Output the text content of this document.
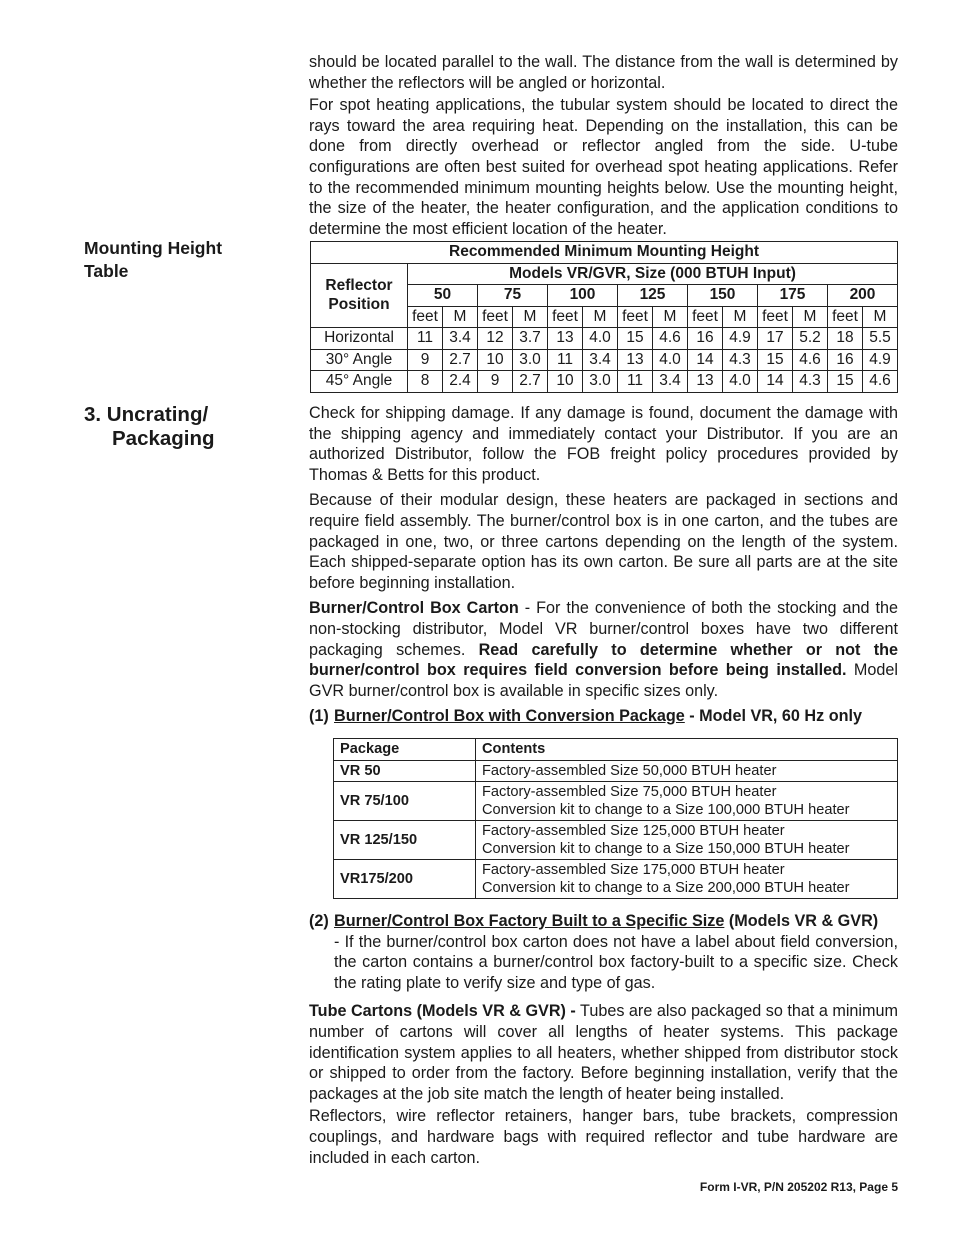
should be located parallel to the wall. The distance from the wall is determined by whether the reflectors will be angled or horizontal.

For spot heating applications, the tubular system should be located to direct the rays toward the area requiring heat. Depending on the installation, this can be done from directly overhead or reflector angled from the side. U-tube configurations are often best suited for overhead spot heating applications. Refer to the recommended minimum mounting heights below. Use the mounting height, the size of the heater, the heater configuration, and the application conditions to determine the most efficient location of the heater.

Mounting Height
Table
Recommended Minimum Mounting Height														

Reflector
Position	Models VR/GVR, Size (000 BTUH Input)													
	50		75		100		125		150		175		200	
	feet	M	feet	M	feet	M	feet	M	feet	M	feet	M	feet	M
Horizontal	11	3.4	12	3.7	13	4.0	15	4.6	16	4.9	17	5.2	18	5.5
30° Angle	9	2.7	10	3.0	11	3.4	13	4.0	14	4.3	15	4.6	16	4.9
45° Angle	8	2.4	9	2.7	10	3.0	11	3.4	13	4.0	14	4.3	15	4.6
3. Uncrating/
Packaging

Check for shipping damage. If any damage is found, document the damage with the shipping agency and immediately contact your Distributor. If you are an authorized Distributor, follow the FOB freight policy procedures provided by Thomas & Betts for this product.

Because of their modular design, these heaters are packaged in sections and require field assembly. The burner/control box is in one carton, and the tubes are packaged in one, two, or three cartons depending on the length of the system. Each shipped-separate option has its own carton. Be sure all parts are at the site before beginning installation.

Burner/Control Box Carton - For the convenience of both the stocking and the non-stocking distributor, Model VR burner/control boxes have two different packaging schemes. Read carefully to determine whether or not the burner/control box requires field conversion before being installed. Model GVR burner/control box is available in specific sizes only.

(1) Burner/Control Box with Conversion Package - Model VR, 60 Hz only
Package	Contents
VR 50	Factory-assembled Size 50,000 BTUH heater

VR 75/100	Factory-assembled Size 75,000 BTUH heater
Conversion kit to change to a Size 100,000 BTUH heater

VR 125/150	Factory-assembled Size 125,000 BTUH heater
Conversion kit to change to a Size 150,000 BTUH heater

VR175/200	Factory-assembled Size 175,000 BTUH heater
Conversion kit to change to a Size 200,000 BTUH heater
(2) Burner/Control Box Factory Built to a Specific Size (Models VR & GVR)
- If the burner/control box carton does not have a label about field conversion, the carton contains a burner/control box factory-built to a specific size. Check the rating plate to verify size and type of gas.

Tube Cartons (Models VR & GVR) - Tubes are also packaged so that a minimum number of cartons will cover all lengths of heater systems. This package identification system applies to all heaters, whether shipped from distributor stock or shipped to order from the factory. Before beginning installation, verify that the packages at the job site match the length of heater being installed.

Reflectors, wire reflector retainers, hanger bars, tube brackets, compression couplings, and hardware bags with required reflector and tube hardware are included in each carton.

Form I-VR, P/N 205202 R13, Page 5
